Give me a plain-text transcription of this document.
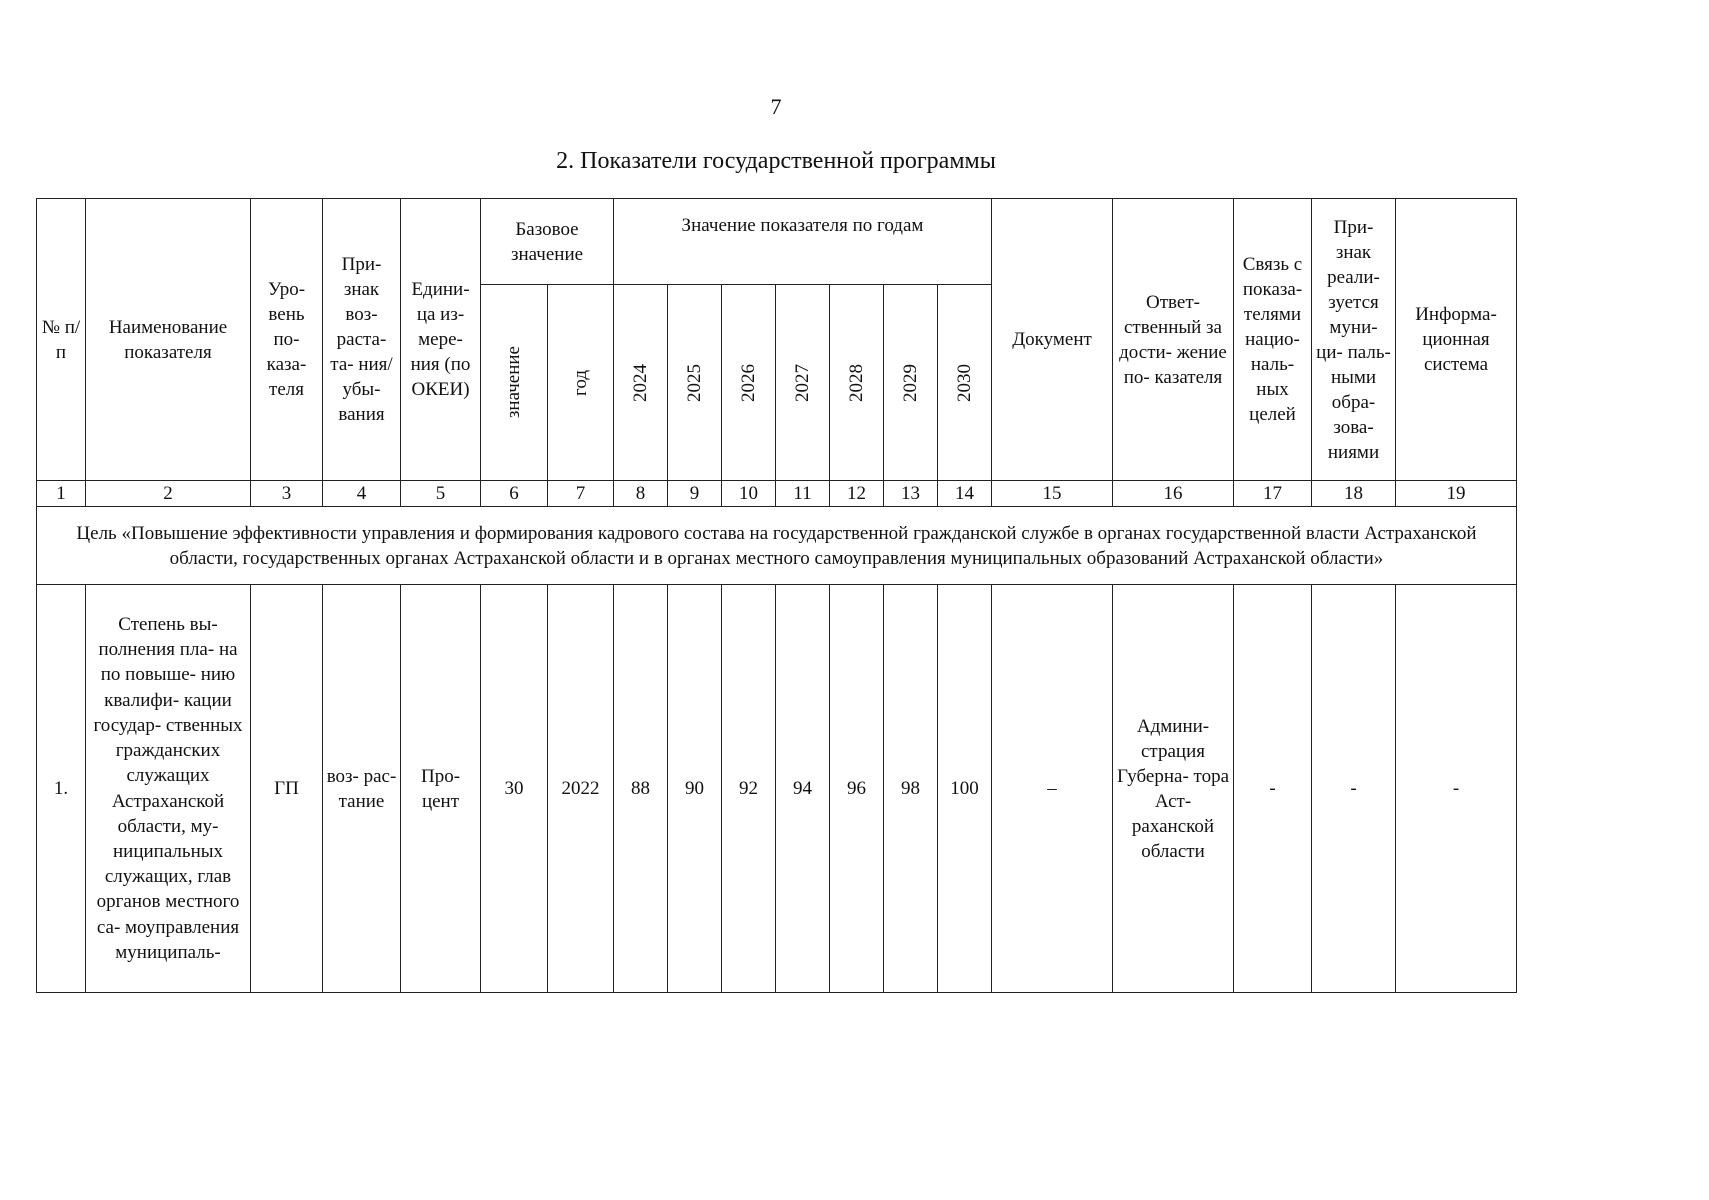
7
2. Показатели государственной программы
№ п/п	Наименование показателя	Уро- вень по- каза- теля	При- знак воз- раста- та- ния/ убы- вания	Едини- ца из- мере- ния (по ОКЕИ)	Базовое значение		Значение показателя по годам							Документ	Ответ- ственный за дости- жение по- казателя	Связь с показа- телями нацио- наль- ных целей	При- знак реали- зуется муни- ци- паль- ными обра- зова- ниями	Информа- ционная система

					значение	год	2024	2025	2026	2027	2028	2029	2030					

1	2	3	4	5	6	7	8	9	10	11	12	13	14	15	16	17	18	19
Цель «Повышение эффективности управления и формирования кадрового состава на государственной гражданской службе в органах государственной власти Астраханской области, государственных органах Астраханской области и в органах местного самоуправления муниципальных образований Астраханской области»																		
1.	Степень вы- полнения пла- на по повыше- нию квалифи- кации государ- ственных гражданских служащих Астраханской области, му- ниципальных служащих, глав органов местного са- моуправления муниципаль-	ГП	воз- рас- тание	Про- цент	30	2022	88	90	92	94	96	98	100	–	Админи- страция Губерна- тора Аст- раханской области	-	-	-
